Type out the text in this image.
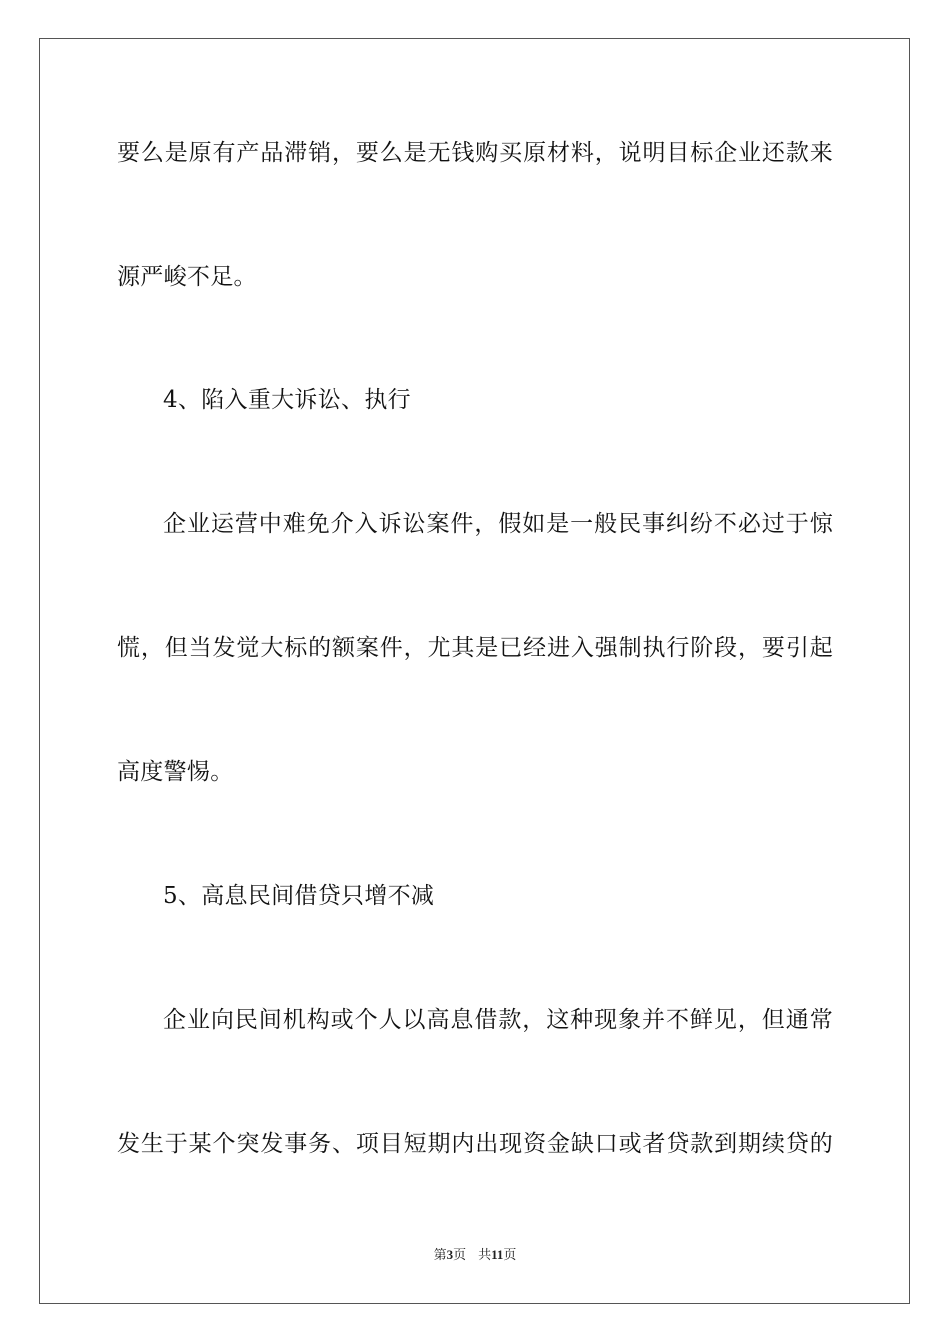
要么是原有产品滞销，要么是无钱购买原材料，说明目标企业还款来
源严峻不足。
4、陷入重大诉讼、执行
企业运营中难免介入诉讼案件，假如是一般民事纠纷不必过于惊
慌，但当发觉大标的额案件，尤其是已经进入强制执行阶段，要引起
高度警惕。
5、高息民间借贷只增不减
企业向民间机构或个人以高息借款，这种现象并不鲜见，但通常
发生于某个突发事务、项目短期内出现资金缺口或者贷款到期续贷的
第3页 共11页
